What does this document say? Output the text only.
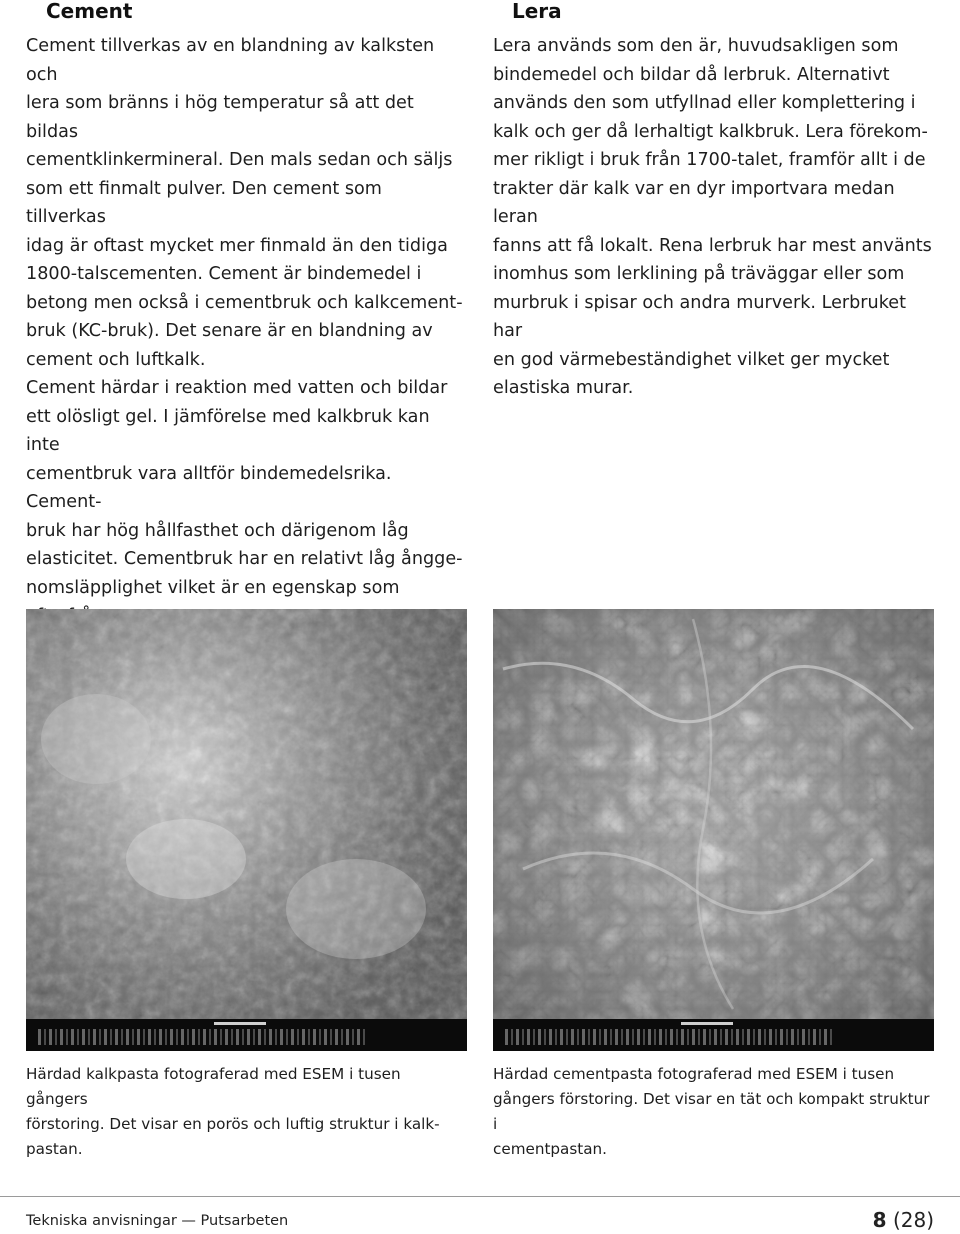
Cement

Cement tillverkas av en blandning av kalksten och
lera som bränns i hög temperatur så att det bildas
cementklinkermineral. Den mals sedan och säljs
som ett finmalt pulver. Den cement som tillverkas
idag är oftast mycket mer finmald än den tidiga
1800-talscementen. Cement är bindemedel i
betong men också i cementbruk och kalkcement-
bruk (KC-bruk). Det senare är en blandning av
cement och luftkalk.

Cement härdar i reaktion med vatten och bildar
ett olösligt gel. I jämförelse med kalkbruk kan inte
cementbruk vara alltför bindemedelsrika. Cement-
bruk har hög hållfasthet och därigenom låg
elasticitet. Cementbruk har en relativt låg ångge-
nomsläpplighet vilket är en egenskap som

Lera

Lera används som den är, huvudsakligen som
bindemedel och bildar då lerbruk. Alternativt
används den som utfyllnad eller komplettering i
kalk och ger då lerhaltigt kalkbruk. Lera förekom-
mer rikligt i bruk från 1700-talet, framför allt i de
trakter där kalk var en dyr importvara medan leran
fanns att få lokalt. Rena lerbruk har mest använts
inomhus som lerklining på träväggar eller som
murbruk i spisar och andra murverk. Lerbruket har
en god värmebeständighet vilket ger mycket
elastiska murar.

Härdad kalkpasta fotograferad med ESEM i tusen gångers
förstoring. Det visar en porös och luftig struktur i kalk-
pastan.
Härdad cementpasta fotograferad med ESEM i tusen
gångers förstoring. Det visar en tät och kompakt struktur i
cementpastan.
Tekniska anvisningar — Putsarbeten	8 (28)
